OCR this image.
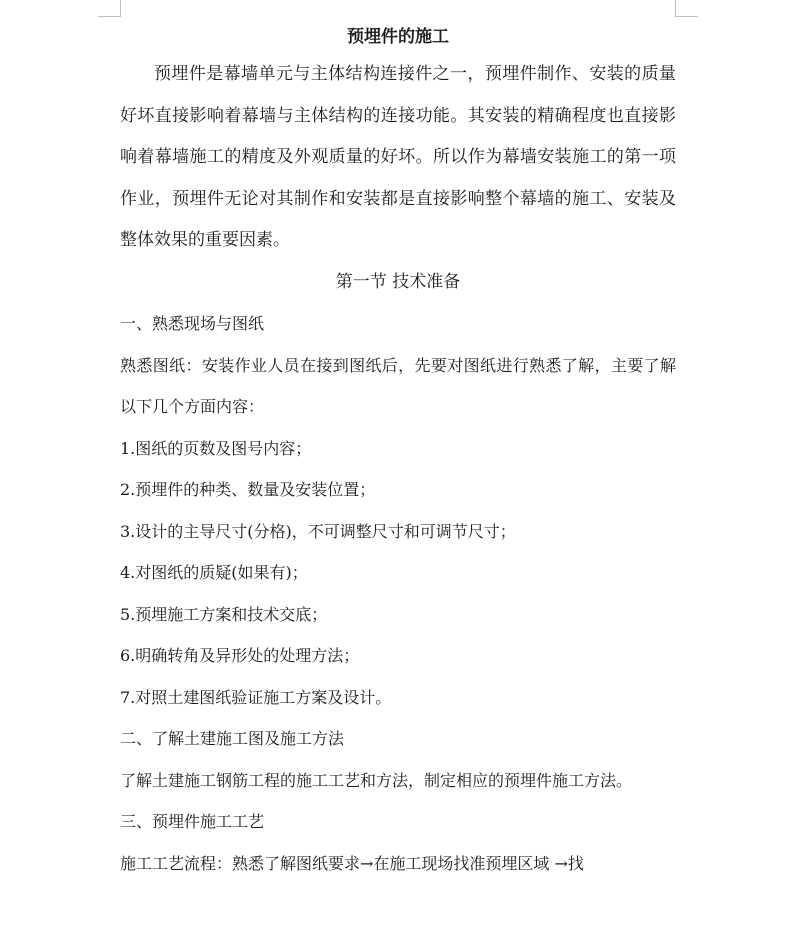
预埋件的施工

预埋件是幕墙单元与主体结构连接件之一，预埋件制作、安装的质量好坏直接影响着幕墙与主体结构的连接功能。其安装的精确程度也直接影响着幕墙施工的精度及外观质量的好坏。所以作为幕墙安装施工的第一项作业，预埋件无论对其制作和安装都是直接影响整个幕墙的施工、安装及整体效果的重要因素。

第一节 技术准备

一、熟悉现场与图纸

熟悉图纸：安装作业人员在接到图纸后，先要对图纸进行熟悉了解，主要了解以下几个方面内容：

1.图纸的页数及图号内容；

2.预埋件的种类、数量及安装位置；

3.设计的主导尺寸(分格)，不可调整尺寸和可调节尺寸；

4.对图纸的质疑(如果有)；

5.预埋施工方案和技术交底；

6.明确转角及异形处的处理方法；

7.对照土建图纸验证施工方案及设计。

二、了解土建施工图及施工方法

了解土建施工钢筋工程的施工工艺和方法，制定相应的预埋件施工方法。

三、预埋件施工工艺

施工工艺流程：熟悉了解图纸要求→在施工现场找准预埋区域 →找
